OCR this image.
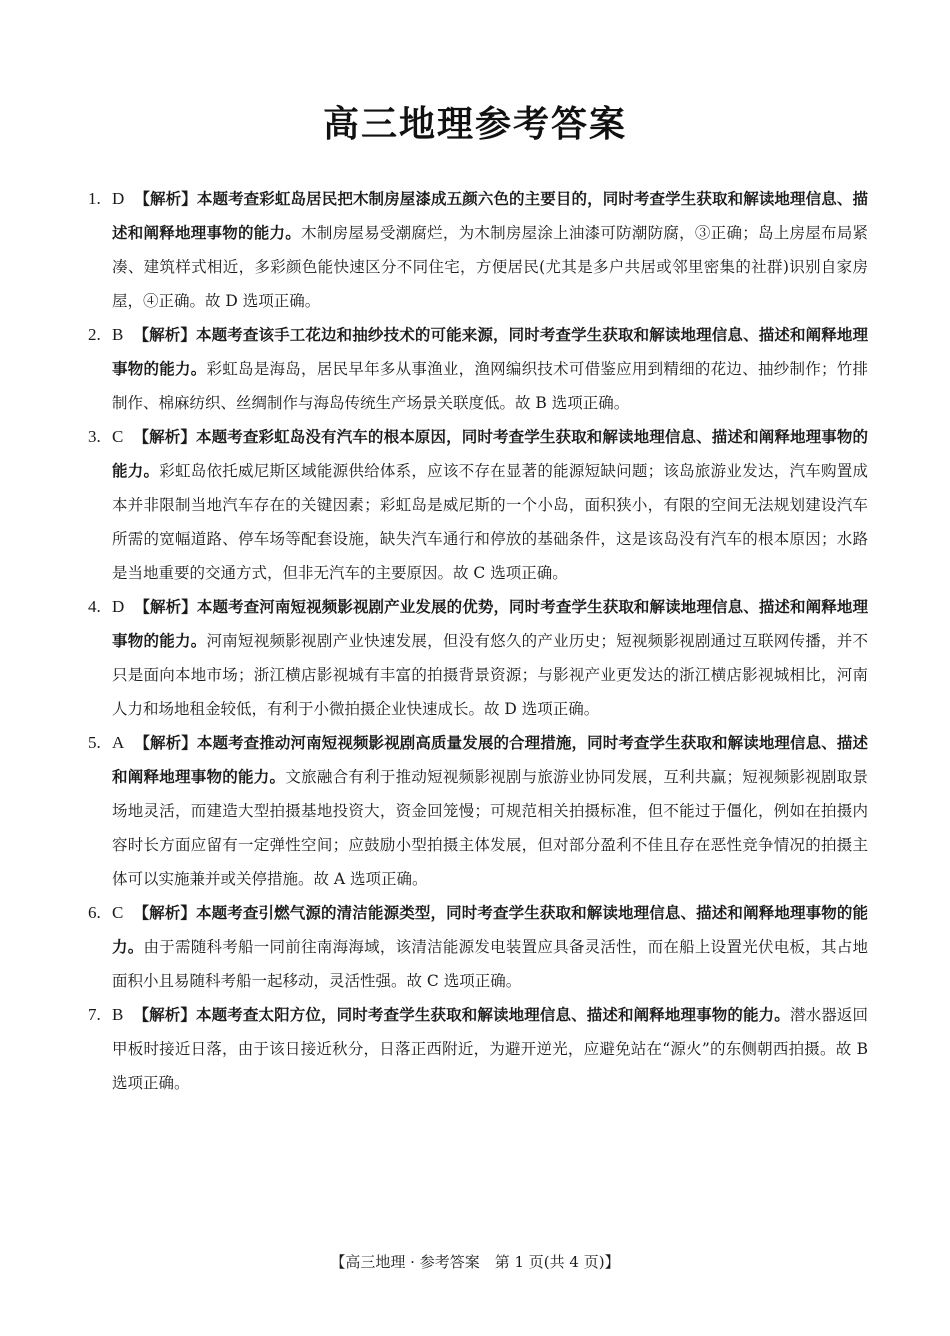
高三地理参考答案
1. D 【解析】本题考查彩虹岛居民把木制房屋漆成五颜六色的主要目的，同时考查学生获取和解读地理信息、描述和阐释地理事物的能力。木制房屋易受潮腐烂，为木制房屋涂上油漆可防潮防腐，③正确；岛上房屋布局紧凑、建筑样式相近，多彩颜色能快速区分不同住宅，方便居民(尤其是多户共居或邻里密集的社群)识别自家房屋，④正确。故 D 选项正确。
2. B 【解析】本题考查该手工花边和抽纱技术的可能来源，同时考查学生获取和解读地理信息、描述和阐释地理事物的能力。彩虹岛是海岛，居民早年多从事渔业，渔网编织技术可借鉴应用到精细的花边、抽纱制作；竹排制作、棉麻纺织、丝绸制作与海岛传统生产场景关联度低。故 B 选项正确。
3. C 【解析】本题考查彩虹岛没有汽车的根本原因，同时考查学生获取和解读地理信息、描述和阐释地理事物的能力。彩虹岛依托威尼斯区域能源供给体系，应该不存在显著的能源短缺问题；该岛旅游业发达，汽车购置成本并非限制当地汽车存在的关键因素；彩虹岛是威尼斯的一个小岛，面积狭小，有限的空间无法规划建设汽车所需的宽幅道路、停车场等配套设施，缺失汽车通行和停放的基础条件，这是该岛没有汽车的根本原因；水路是当地重要的交通方式，但非无汽车的主要原因。故 C 选项正确。
4. D 【解析】本题考查河南短视频影视剧产业发展的优势，同时考查学生获取和解读地理信息、描述和阐释地理事物的能力。河南短视频影视剧产业快速发展，但没有悠久的产业历史；短视频影视剧通过互联网传播，并不只是面向本地市场；浙江横店影视城有丰富的拍摄背景资源；与影视产业更发达的浙江横店影视城相比，河南人力和场地租金较低，有利于小微拍摄企业快速成长。故 D 选项正确。
5. A 【解析】本题考查推动河南短视频影视剧高质量发展的合理措施，同时考查学生获取和解读地理信息、描述和阐释地理事物的能力。文旅融合有利于推动短视频影视剧与旅游业协同发展，互利共赢；短视频影视剧取景场地灵活，而建造大型拍摄基地投资大，资金回笼慢；可规范相关拍摄标准，但不能过于僵化，例如在拍摄内容时长方面应留有一定弹性空间；应鼓励小型拍摄主体发展，但对部分盈利不佳且存在恶性竞争情况的拍摄主体可以实施兼并或关停措施。故 A 选项正确。
6. C 【解析】本题考查引燃气源的清洁能源类型，同时考查学生获取和解读地理信息、描述和阐释地理事物的能力。由于需随科考船一同前往南海海域，该清洁能源发电装置应具备灵活性，而在船上设置光伏电板，其占地面积小且易随科考船一起移动，灵活性强。故 C 选项正确。
7. B 【解析】本题考查太阳方位，同时考查学生获取和解读地理信息、描述和阐释地理事物的能力。潜水器返回甲板时接近日落，由于该日接近秋分，日落正西附近，为避开逆光，应避免站在“源火”的东侧朝西拍摄。故 B 选项正确。
【高三地理 · 参考答案　第 1 页(共 4 页)】
